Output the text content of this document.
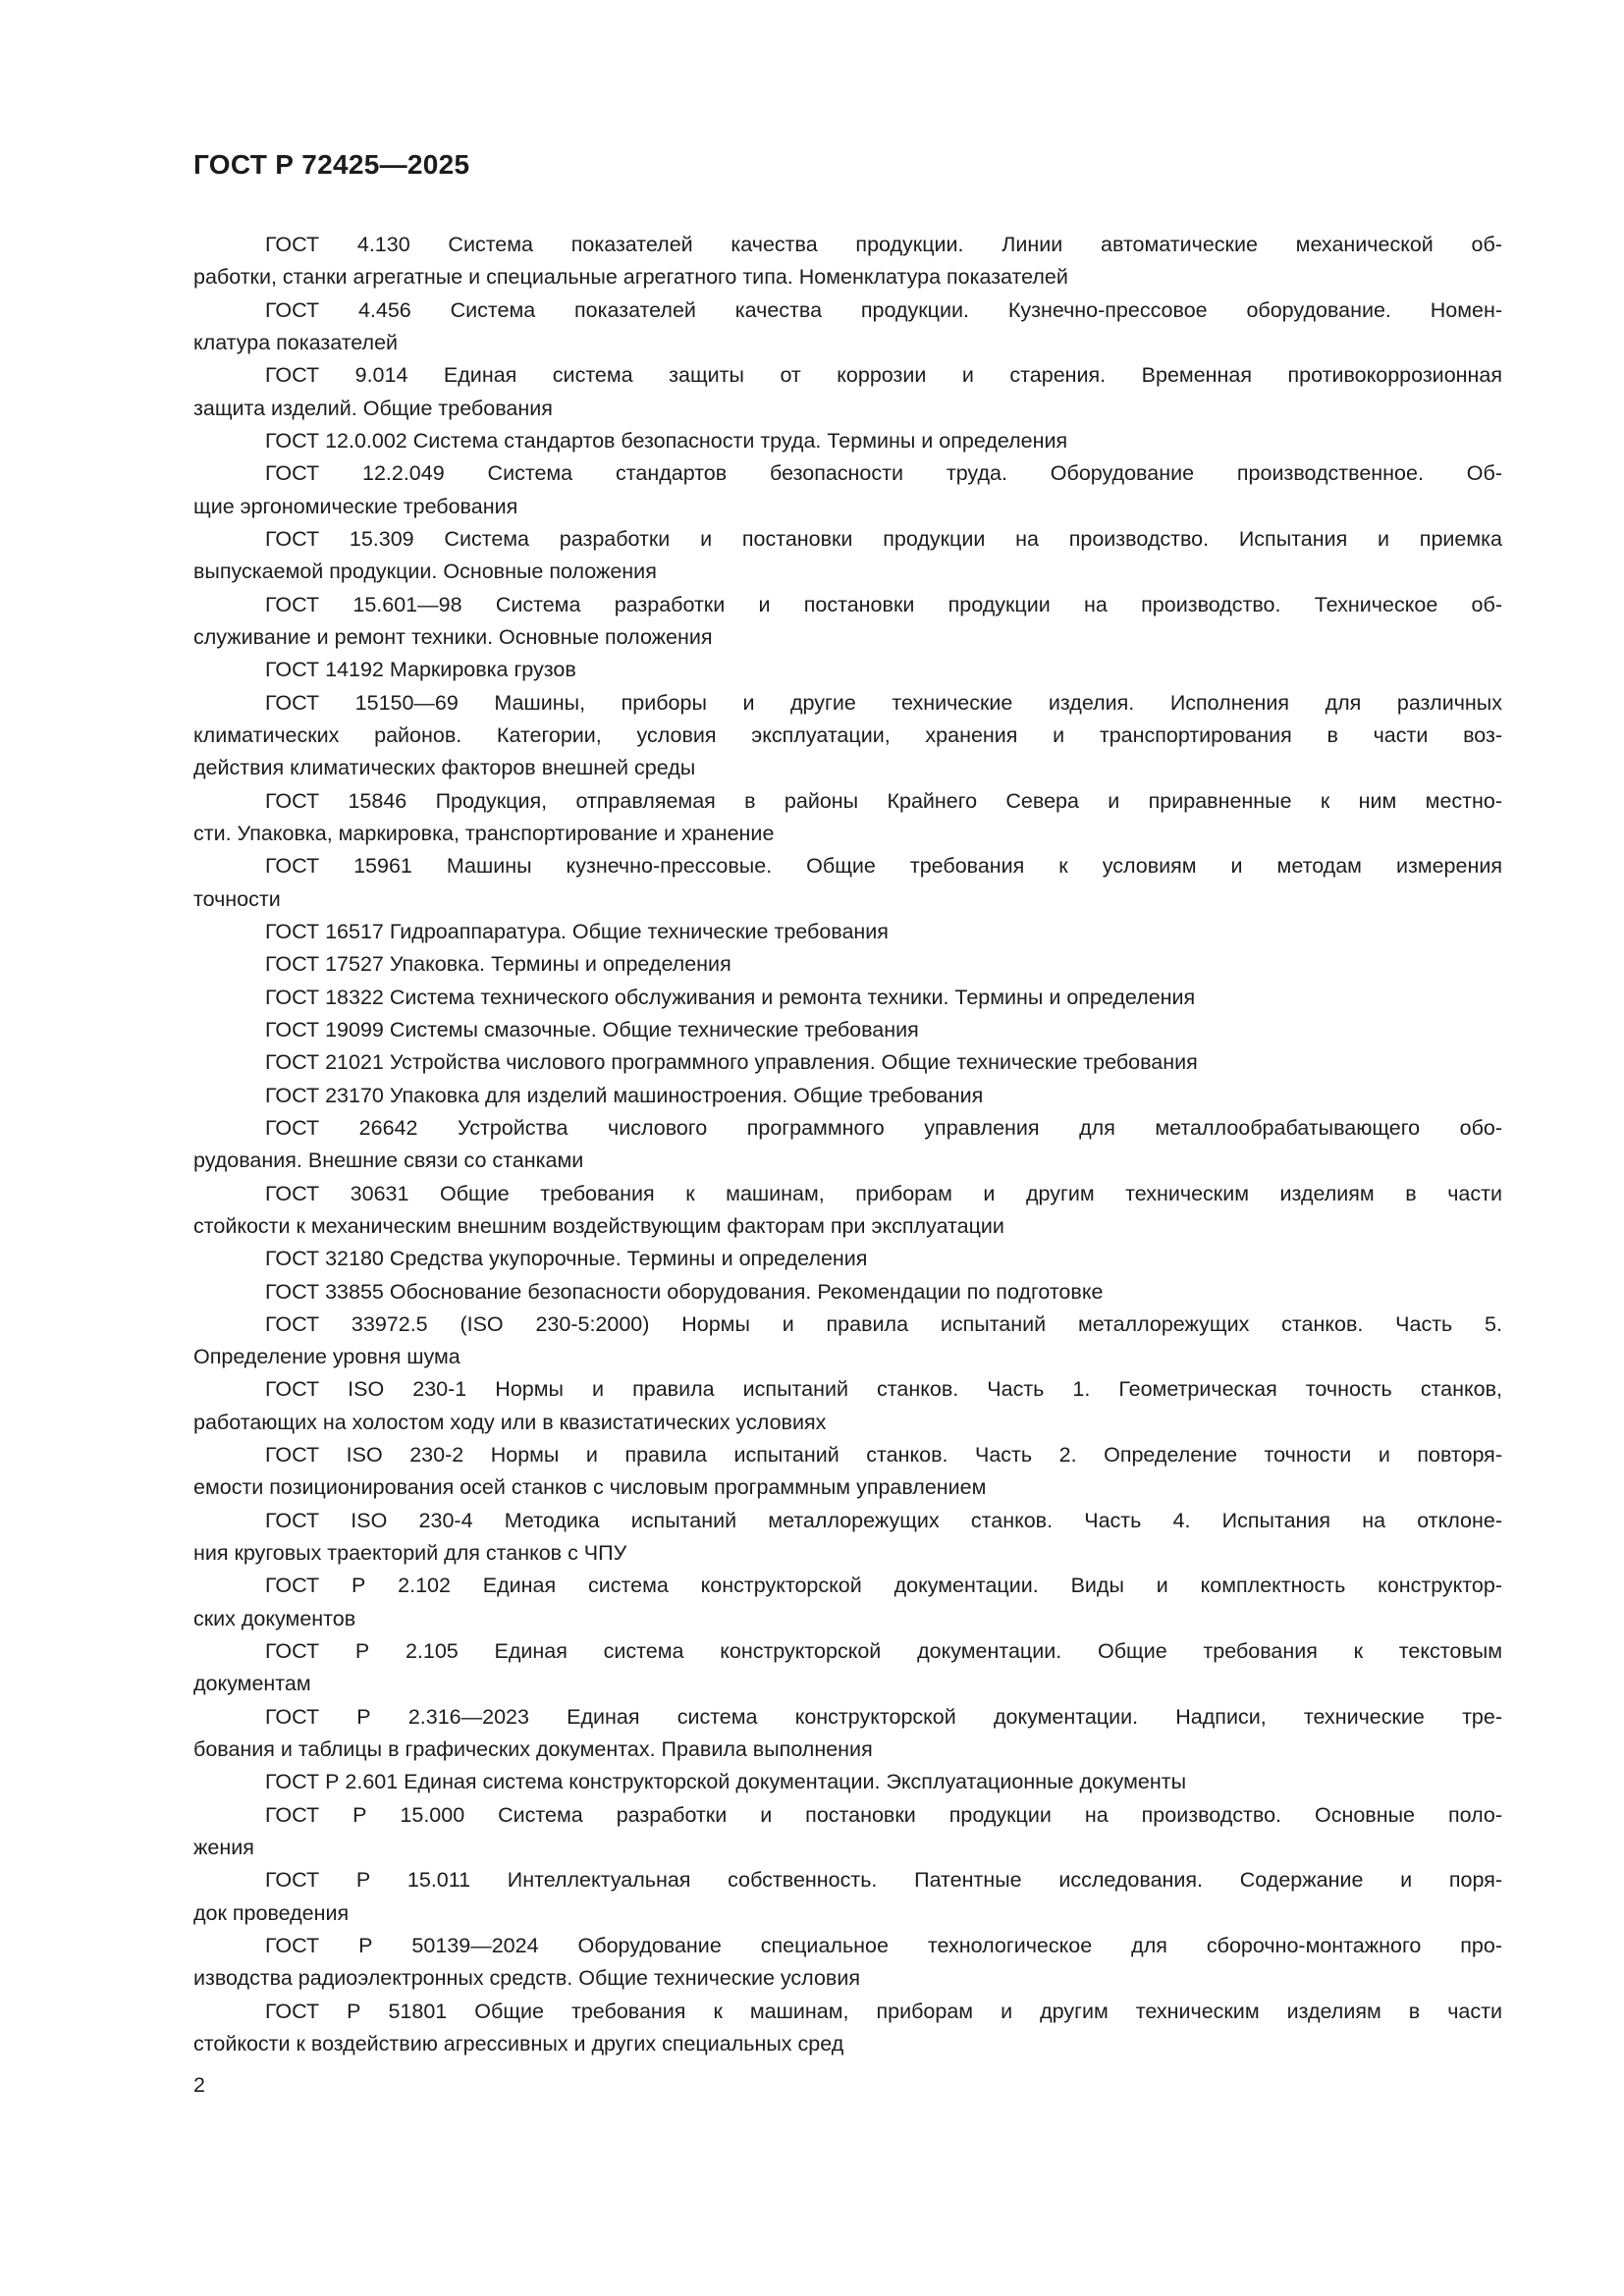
ГОСТ Р 72425—2025
ГОСТ 4.130 Система показателей качества продукции. Линии автоматические механической об-
работки, станки агрегатные и специальные агрегатного типа. Номенклатура показателей
ГОСТ 4.456 Система показателей качества продукции. Кузнечно-прессовое оборудование. Номен-
клатура показателей
ГОСТ 9.014 Единая система защиты от коррозии и старения. Временная противокоррозионная
защита изделий. Общие требования
ГОСТ 12.0.002 Система стандартов безопасности труда. Термины и определения
ГОСТ 12.2.049 Система стандартов безопасности труда. Оборудование производственное. Об-
щие эргономические требования
ГОСТ 15.309 Система разработки и постановки продукции на производство. Испытания и приемка
выпускаемой продукции. Основные положения
ГОСТ 15.601—98 Система разработки и постановки продукции на производство. Техническое об-
служивание и ремонт техники. Основные положения
ГОСТ 14192 Маркировка грузов
ГОСТ 15150—69 Машины, приборы и другие технические изделия. Исполнения для различных
климатических районов. Категории, условия эксплуатации, хранения и транспортирования в части воз-
действия климатических факторов внешней среды
ГОСТ 15846 Продукция, отправляемая в районы Крайнего Севера и приравненные к ним местно-
сти. Упаковка, маркировка, транспортирование и хранение
ГОСТ 15961 Машины кузнечно-прессовые. Общие требования к условиям и методам измерения
точности
ГОСТ 16517 Гидроаппаратура. Общие технические требования
ГОСТ 17527 Упаковка. Термины и определения
ГОСТ 18322 Система технического обслуживания и ремонта техники. Термины и определения
ГОСТ 19099 Системы смазочные. Общие технические требования
ГОСТ 21021 Устройства числового программного управления. Общие технические требования
ГОСТ 23170 Упаковка для изделий машиностроения. Общие требования
ГОСТ 26642 Устройства числового программного управления для металлообрабатывающего обо-
рудования. Внешние связи со станками
ГОСТ 30631 Общие требования к машинам, приборам и другим техническим изделиям в части
стойкости к механическим внешним воздействующим факторам при эксплуатации
ГОСТ 32180 Средства укупорочные. Термины и определения
ГОСТ 33855 Обоснование безопасности оборудования. Рекомендации по подготовке
ГОСТ 33972.5 (ISO 230-5:2000) Нормы и правила испытаний металлорежущих станков. Часть 5.
Определение уровня шума
ГОСТ ISO 230-1 Нормы и правила испытаний станков. Часть 1. Геометрическая точность станков,
работающих на холостом ходу или в квазистатических условиях
ГОСТ ISO 230-2 Нормы и правила испытаний станков. Часть 2. Определение точности и повторя-
емости позиционирования осей станков с числовым программным управлением
ГОСТ ISO 230-4 Методика испытаний металлорежущих станков. Часть 4. Испытания на отклоне-
ния круговых траекторий для станков с ЧПУ
ГОСТ Р 2.102 Единая система конструкторской документации. Виды и комплектность конструктор-
ских документов
ГОСТ Р 2.105 Единая система конструкторской документации. Общие требования к текстовым
документам
ГОСТ Р 2.316—2023 Единая система конструкторской документации. Надписи, технические тре-
бования и таблицы в графических документах. Правила выполнения
ГОСТ Р 2.601 Единая система конструкторской документации. Эксплуатационные документы
ГОСТ Р 15.000 Система разработки и постановки продукции на производство. Основные поло-
жения
ГОСТ Р 15.011 Интеллектуальная собственность. Патентные исследования. Содержание и поря-
док проведения
ГОСТ Р 50139—2024 Оборудование специальное технологическое для сборочно-монтажного про-
изводства радиоэлектронных средств. Общие технические условия
ГОСТ Р 51801 Общие требования к машинам, приборам и другим техническим изделиям в части
стойкости к воздействию агрессивных и других специальных сред
2
